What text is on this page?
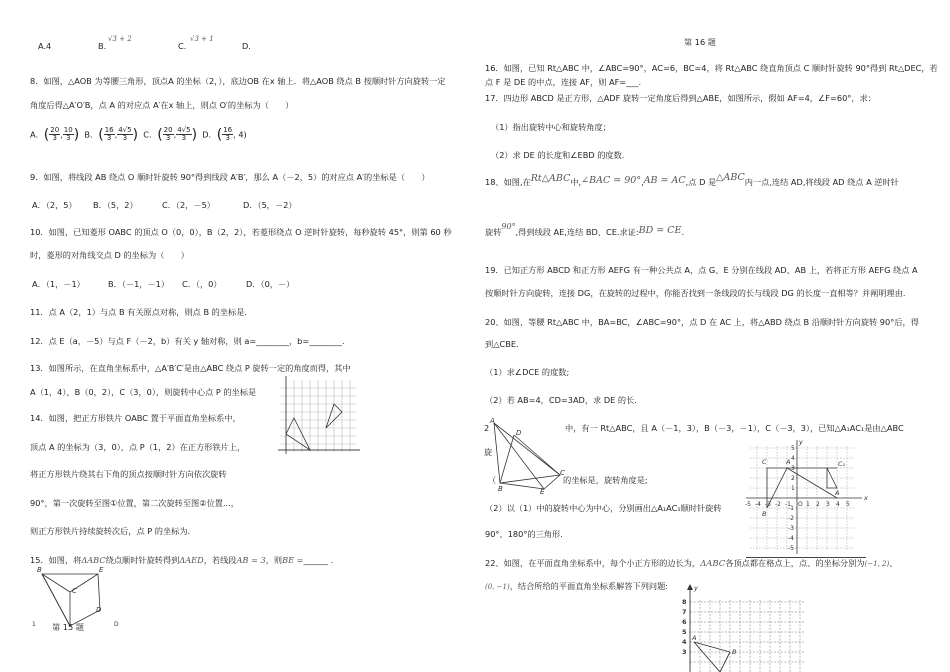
A.4	B.
√3 + 2
C.
√3 + 1
D.
8．如图，△AOB 为等腰三角形，顶点A 的坐标（2，），底边OB 在x 轴上．将△AOB 绕点 B 按顺时针方向旋转一定
角度后得△A′O′B，点 A 的对应点 A′在x 轴上，则点 O′的坐标为（　　）
A．( $\frac{20}{3}$ , $\frac{10}{3}$ ) B．( $\frac{16}{3}$ , $\frac{4√5}{3}$ ) C．( $\frac{20}{3}$ , $\frac{4√5}{3}$ ) D．( $\frac{16}{3}$ , 4)
9．如图，将线段 AB 绕点 O 顺时针旋转 90°得到线段 A′B′，那么 A（－2，5）的对应点 A′的坐标是（　　）
A．（2，5） B．（5，2）	C．（2，－5）	D．（5，－2）
10．如图，已知菱形 OABC 的顶点 O（0，0），B（2，2），若菱形绕点 O 逆时针旋转，每秒旋转 45°，则第 60 秒
时，菱形的对角线交点 D 的坐标为（　　）
A．（1，－1）	B．（－1，－1） C．（，0）	D．（0，－）
11．点 A（2，1）与点 B 有关原点对称，则点 B 的坐标是．
12．点 E（a，－5）与点 F（－2，b）有关 y 轴对称，则 a=________，b=________.
13．如图所示，在直角坐标系中，△A′B′C′是由△ABC 绕点 P 旋转一定的角度而得，其中
A（1，4），B（0，2），C（3，0），则旋转中心点 P 的坐标是
14．如图，把正方形铁片 OABC 置于平面直角坐标系中，
顶点 A 的坐标为（3，0），点 P（1，2）在正方形铁片上，
将正方形铁片绕其右下角的顶点按顺时针方向依次旋转
90°，第一次旋转至图①位置，第二次旋转至图②位置...，
则正方形铁片持续旋转次后，点 P 的坐标为.
15．如图，将ΔABC绕点顺时针旋转得到ΔAED，若线段AB = 3，则BE =______ ．
B	E
C
D
1	D
第 15 题
第 16 题
16．如图，已知 Rt△ABC 中，∠ABC=90°，AC=6，BC=4，将 Rt△ABC 绕直角顶点 C 顺时针旋转 90°得到 Rt△DEC，若
点 F 是 DE 的中点，连接 AF，则 AF=___.
17．四边形 ABCD 是正方形，△ADF 旋转一定角度后得到△ABE，如图所示，假如 AF=4，∠F=60°，求：
（1）指出旋转中心和旋转角度；
（2）求 DE 的长度和∠EBD 的度数.
18、如图,在Rt△ABC中,∠BAC = 90°,AB = AC,点 D 是△ABC内一点,连结 AD,将线段 AD 绕点 A 逆时针
旋转90°,得到线段 AE,连结 BD、CE.求证:BD = CE.
19．已知正方形 ABCD 和正方形 AEFG 有一种公共点 A，点 G、E 分别在线段 AD、AB 上，若将正方形 AEFG 绕点 A
按顺时针方向旋转，连接 DG，在旋转的过程中，你能否找到一条线段的长与线段 DG 的长度一直相等？并阐明理由.
20、如图，等腰 Rt△ABC 中，BA=BC，∠ABC=90°，点 D 在 AC 上，将△ABD 绕点 B 沿顺时针方向旋转 90°后，得
到△CBE.
（1）求∠DCE 的度数;
（2）若 AB=4，CD=3AD，求 DE 的长.
A
D
C
E
B
2	中，有一 Rt△ABC，且 A（－1，3），B（－3，－1），C（－3，3），已知△A₁AC₁是由△ABC
旋
（	的坐标是，旋转角度是;
（2）以（1）中的旋转中心为中心，分别画出△A₁AC₁顺时针旋转
90°、180°的三角形.
x
y
C	A	C₁
B
A
-5 -4 -3 -2 -1 O 1 2 3 4 5
5
4
3
2
1
-1
-2
-3
-4
-5
22、如图，在平面直角坐标系中，每个小正方形的边长为，ΔABC各顶点都在格点上，点、的坐标分别为(−1, 2)、
(0, −1)，结合所给的平面直角坐标系解答下列问题:	y
8
7
6
5
4
3
A
B
